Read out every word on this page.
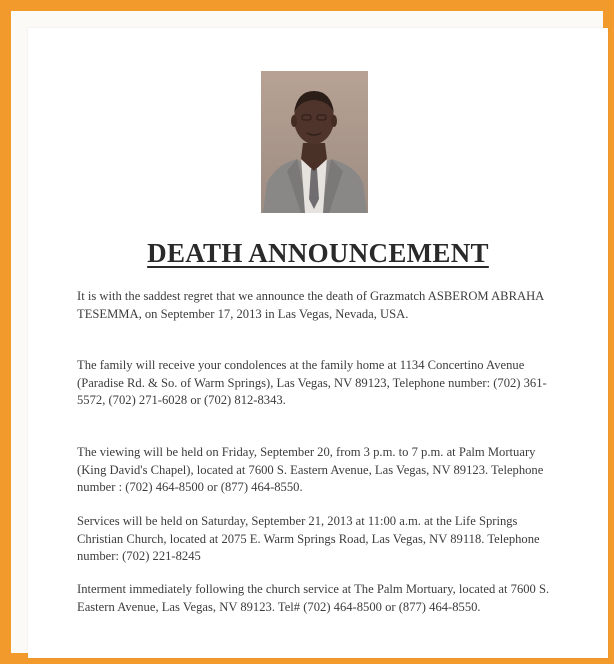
DEATH ANNOUNCEMENT

It is with the saddest regret that we announce the death of Grazmatch ASBEROM ABRAHA TESEMMA, on September 17, 2013 in Las Vegas, Nevada, USA.

The family will receive your condolences at the family home at 1134 Concertino Avenue (Paradise Rd. & So. of Warm Springs), Las Vegas, NV 89123, Telephone number: (702) 361-5572, (702) 271-6028 or (702) 812-8343.

The viewing will be held on Friday, September 20, from 3 p.m. to 7 p.m. at Palm Mortuary (King David's Chapel), located at 7600 S. Eastern Avenue, Las Vegas, NV 89123. Telephone number : (702) 464-8500 or (877) 464-8550.

Services will be held on Saturday, September 21, 2013 at 11:00 a.m. at the Life Springs Christian Church, located at 2075 E. Warm Springs Road, Las Vegas, NV 89118. Telephone number: (702) 221-8245

Interment immediately following the church service at The Palm Mortuary, located at 7600 S. Eastern Avenue, Las Vegas, NV 89123. Tel# (702) 464-8500 or (877) 464-8550.
